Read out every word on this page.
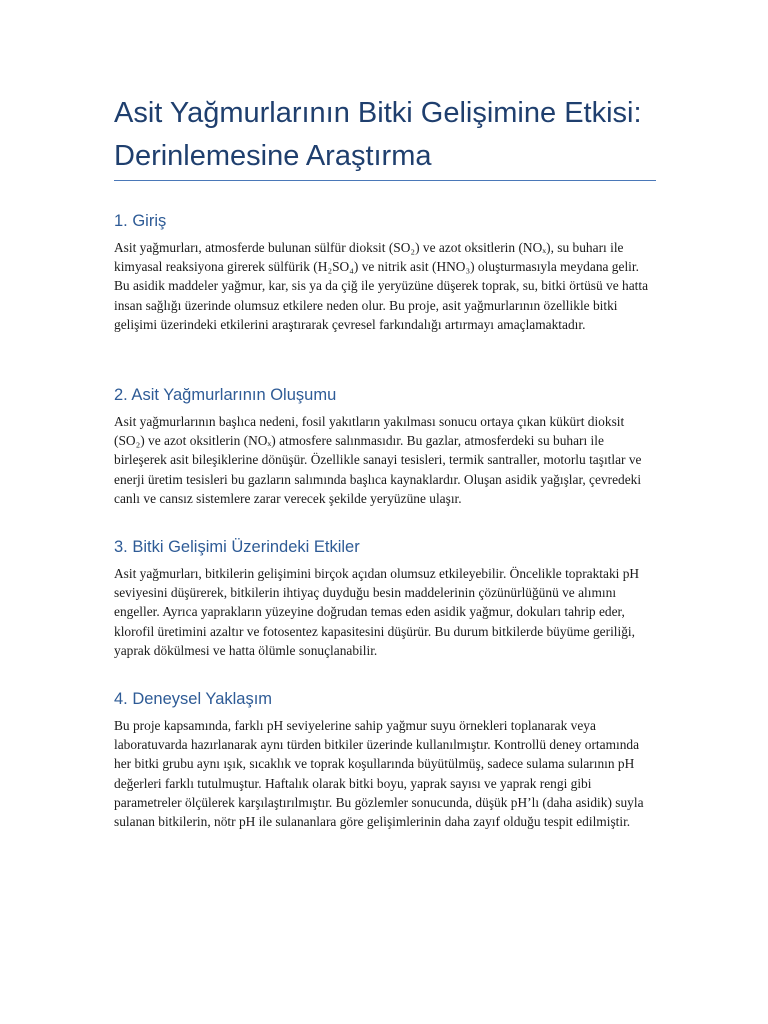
Asit Yağmurlarının Bitki Gelişimine Etkisi: Derinlemesine Araştırma
1. Giriş

Asit yağmurları, atmosferde bulunan sülfür dioksit (SO₂) ve azot oksitlerin (NOₓ), su buharı ile kimyasal reaksiyona girerek sülfürik (H₂SO₄) ve nitrik asit (HNO₃) oluşturmasıyla meydana gelir. Bu asidik maddeler yağmur, kar, sis ya da çiğ ile yeryüzüne düşerek toprak, su, bitki örtüsü ve hatta insan sağlığı üzerinde olumsuz etkilere neden olur. Bu proje, asit yağmurlarının özellikle bitki gelişimi üzerindeki etkilerini araştırarak çevresel farkındalığı artırmayı amaçlamaktadır.

2. Asit Yağmurlarının Oluşumu

Asit yağmurlarının başlıca nedeni, fosil yakıtların yakılması sonucu ortaya çıkan kükürt dioksit (SO₂) ve azot oksitlerin (NOₓ) atmosfere salınmasıdır. Bu gazlar, atmosferdeki su buharı ile birleşerek asit bileşiklerine dönüşür. Özellikle sanayi tesisleri, termik santraller, motorlu taşıtlar ve enerji üretim tesisleri bu gazların salımında başlıca kaynaklardır. Oluşan asidik yağışlar, çevredeki canlı ve cansız sistemlere zarar verecek şekilde yeryüzüne ulaşır.

3. Bitki Gelişimi Üzerindeki Etkiler

Asit yağmurları, bitkilerin gelişimini birçok açıdan olumsuz etkileyebilir. Öncelikle topraktaki pH seviyesini düşürerek, bitkilerin ihtiyaç duyduğu besin maddelerinin çözünürlüğünü ve alımını engeller. Ayrıca yaprakların yüzeyine doğrudan temas eden asidik yağmur, dokuları tahrip eder, klorofil üretimini azaltır ve fotosentez kapasitesini düşürür. Bu durum bitkilerde büyüme geriliği, yaprak dökülmesi ve hatta ölümle sonuçlanabilir.

4. Deneysel Yaklaşım

Bu proje kapsamında, farklı pH seviyelerine sahip yağmur suyu örnekleri toplanarak veya laboratuvarda hazırlanarak aynı türden bitkiler üzerinde kullanılmıştır. Kontrollü deney ortamında her bitki grubu aynı ışık, sıcaklık ve toprak koşullarında büyütülmüş, sadece sulama sularının pH değerleri farklı tutulmuştur. Haftalık olarak bitki boyu, yaprak sayısı ve yaprak rengi gibi parametreler ölçülerek karşılaştırılmıştır. Bu gözlemler sonucunda, düşük pH’lı (daha asidik) suyla sulanan bitkilerin, nötr pH ile sulananlara göre gelişimlerinin daha zayıf olduğu tespit edilmiştir.
